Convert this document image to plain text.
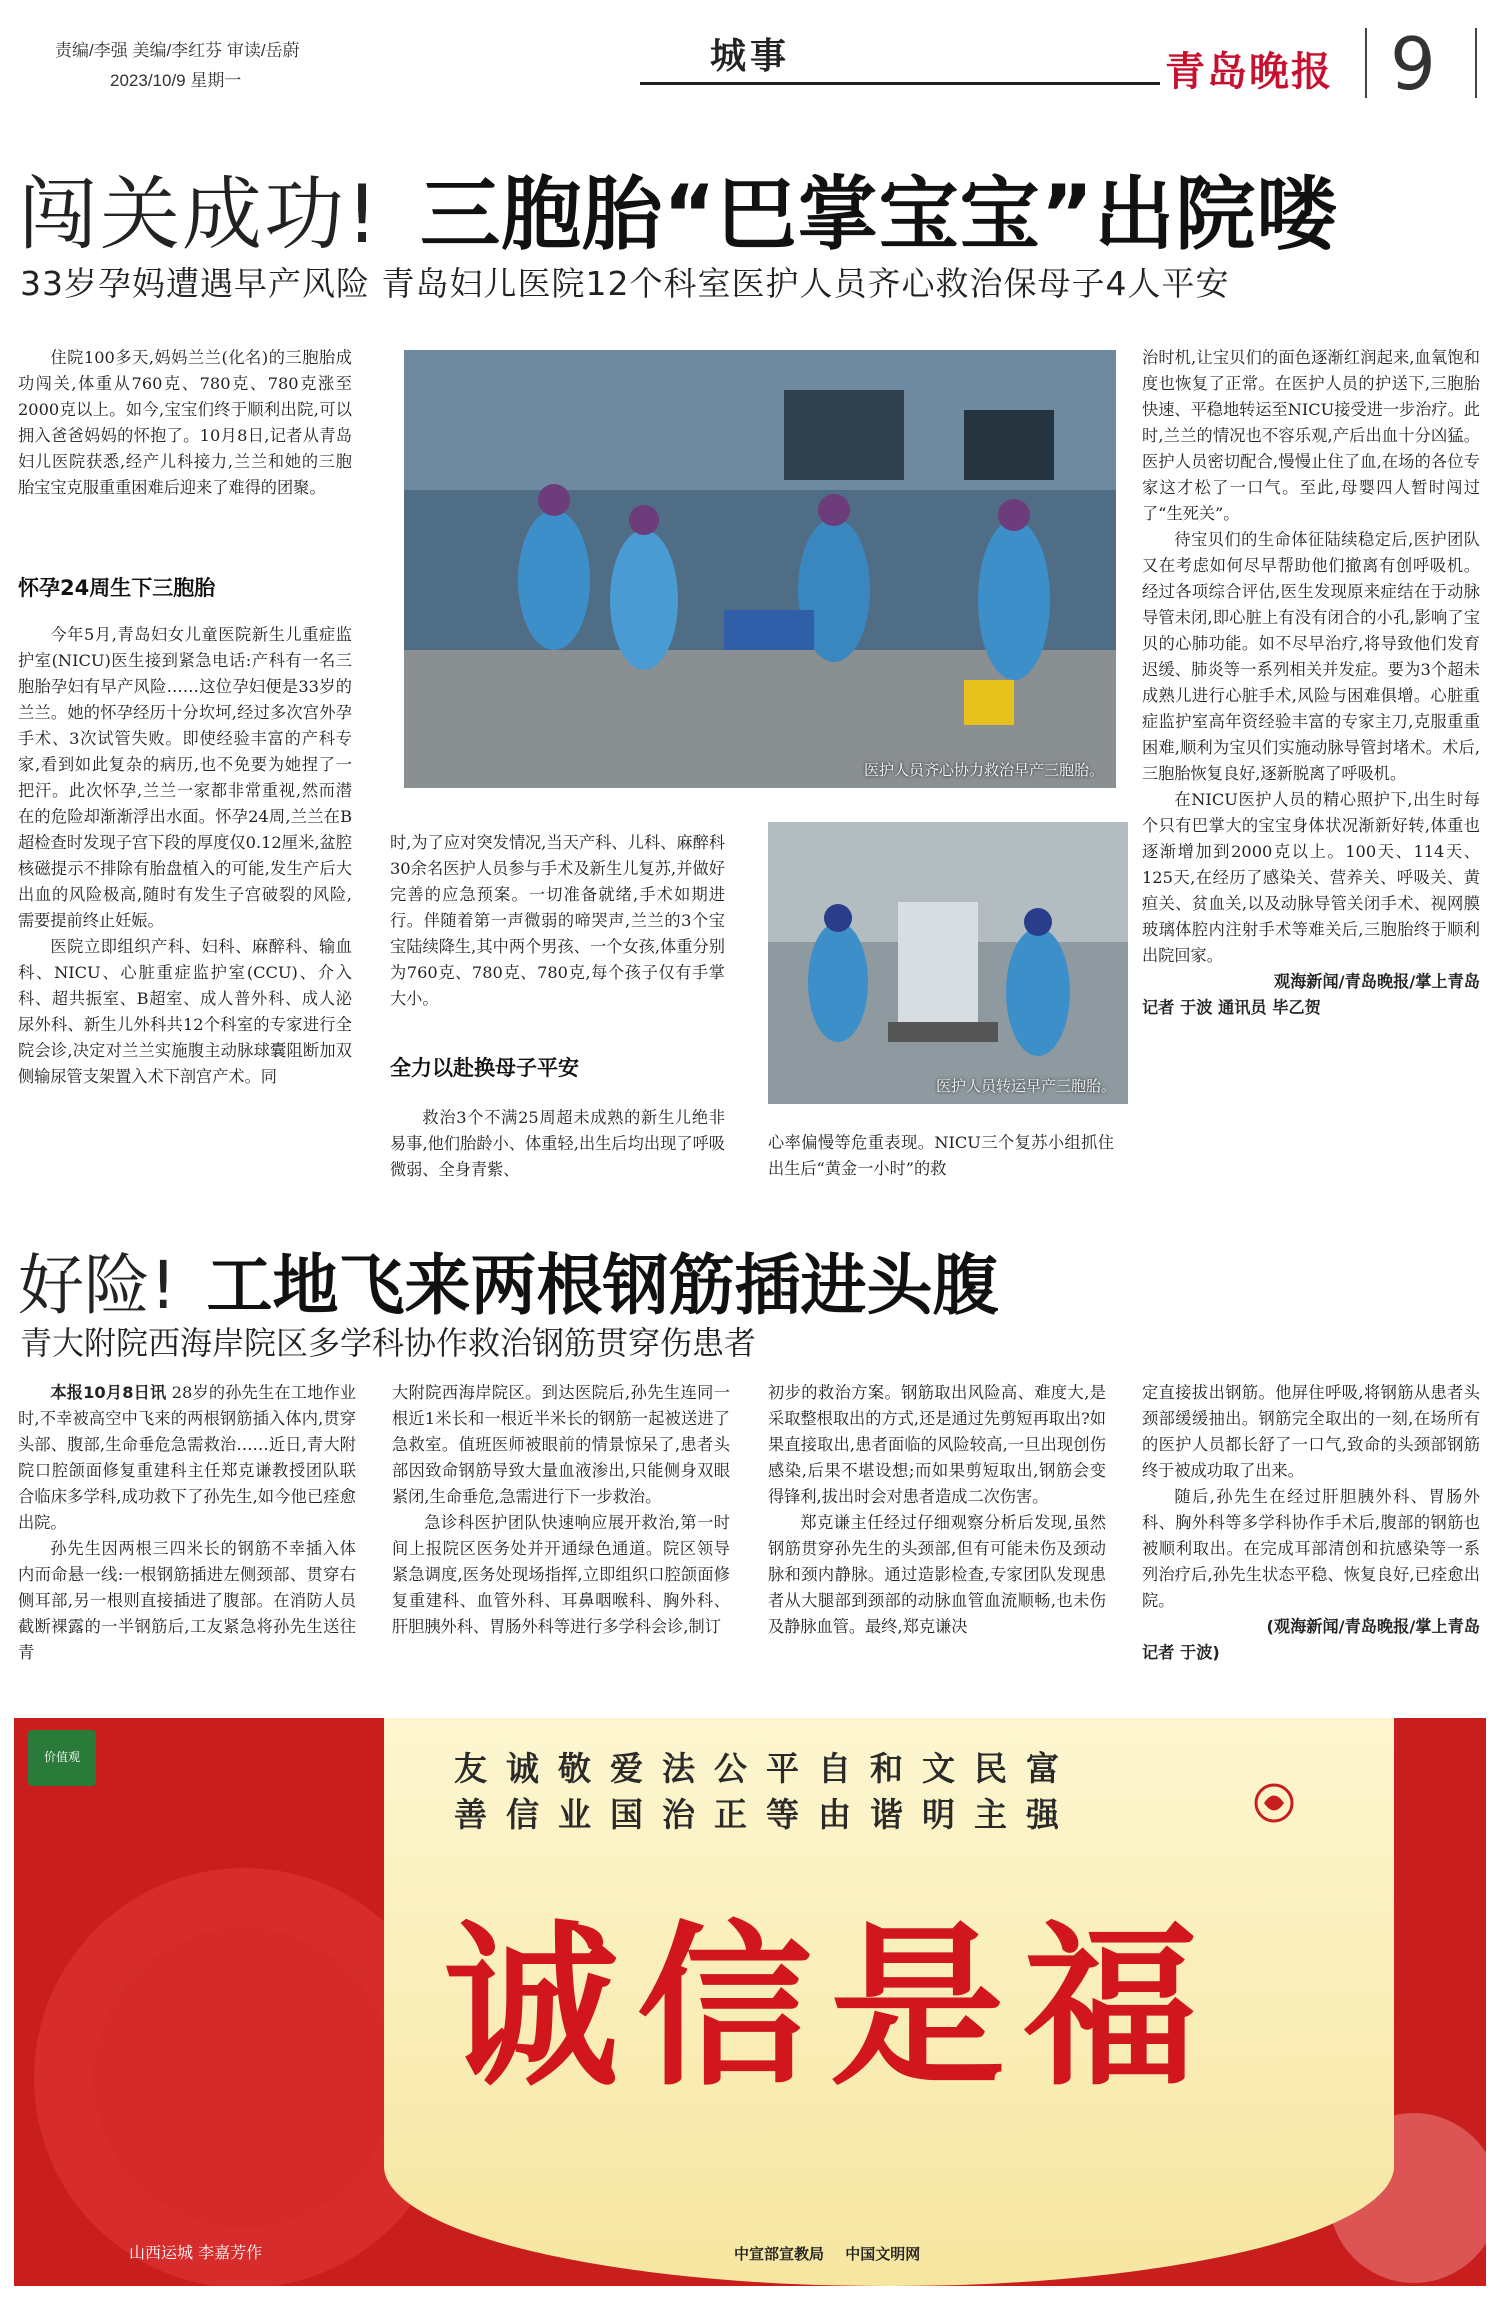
责编/李强 美编/李红芬 审读/岳蔚
2023/10/9 星期一
城事	青岛晚报 9
闯关成功! 三胞胎“巴掌宝宝”出院喽
33岁孕妈遭遇早产风险 青岛妇儿医院12个科室医护人员齐心救治保母子4人平安

住院100多天,妈妈兰兰(化名)的三胞胎成功闯关,体重从760克、780克、780克涨至2000克以上。如今,宝宝们终于顺利出院,可以拥入爸爸妈妈的怀抱了。10月8日,记者从青岛妇儿医院获悉,经产儿科接力,兰兰和她的三胞胎宝宝克服重重困难后迎来了难得的团聚。

怀孕24周生下三胞胎

今年5月,青岛妇女儿童医院新生儿重症监护室(NICU)医生接到紧急电话:产科有一名三胞胎孕妇有早产风险……这位孕妇便是33岁的兰兰。她的怀孕经历十分坎坷,经过多次宫外孕手术、3次试管失败。即使经验丰富的产科专家,看到如此复杂的病历,也不免要为她捏了一把汗。此次怀孕,兰兰一家都非常重视,然而潜在的危险却渐渐浮出水面。怀孕24周,兰兰在B超检查时发现子宫下段的厚度仅0.12厘米,盆腔核磁提示不排除有胎盘植入的可能,发生产后大出血的风险极高,随时有发生子宫破裂的风险,需要提前终止妊娠。

医院立即组织产科、妇科、麻醉科、输血科、NICU、心脏重症监护室(CCU)、介入科、超共振室、B超室、成人普外科、成人泌尿外科、新生儿外科共12个科室的专家进行全院会诊,决定对兰兰实施腹主动脉球囊阻断加双侧输尿管支架置入术下剖宫产术。同

医护人员齐心协力救治早产三胞胎。

时,为了应对突发情况,当天产科、儿科、麻醉科30余名医护人员参与手术及新生儿复苏,并做好完善的应急预案。一切准备就绪,手术如期进行。伴随着第一声微弱的啼哭声,兰兰的3个宝宝陆续降生,其中两个男孩、一个女孩,体重分别为760克、780克、780克,每个孩子仅有手掌大小。

全力以赴换母子平安

救治3个不满25周超未成熟的新生儿绝非易事,他们胎龄小、体重轻,出生后均出现了呼吸微弱、全身青紫、

医护人员转运早产三胞胎。

心率偏慢等危重表现。NICU三个复苏小组抓住出生后“黄金一小时”的救

治时机,让宝贝们的面色逐渐红润起来,血氧饱和度也恢复了正常。在医护人员的护送下,三胞胎快速、平稳地转运至NICU接受进一步治疗。此时,兰兰的情况也不容乐观,产后出血十分凶猛。医护人员密切配合,慢慢止住了血,在场的各位专家这才松了一口气。至此,母婴四人暂时闯过了“生死关”。

待宝贝们的生命体征陆续稳定后,医护团队又在考虑如何尽早帮助他们撤离有创呼吸机。经过各项综合评估,医生发现原来症结在于动脉导管未闭,即心脏上有没有闭合的小孔,影响了宝贝的心肺功能。如不尽早治疗,将导致他们发育迟缓、肺炎等一系列相关并发症。要为3个超未成熟儿进行心脏手术,风险与困难俱增。心脏重症监护室高年资经验丰富的专家主刀,克服重重困难,顺利为宝贝们实施动脉导管封堵术。术后,三胞胎恢复良好,逐新脱离了呼吸机。

在NICU医护人员的精心照护下,出生时每个只有巴掌大的宝宝身体状况渐新好转,体重也逐渐增加到2000克以上。100天、114天、125天,在经历了感染关、营养关、呼吸关、黄疸关、贫血关,以及动脉导管关闭手术、视网膜玻璃体腔内注射手术等难关后,三胞胎终于顺利出院回家。

观海新闻/青岛晚报/掌上青岛

记者 于波 通讯员 毕乙贺

好险! 工地飞来两根钢筋插进头腹
青大附院西海岸院区多学科协作救治钢筋贯穿伤患者

本报10月8日讯 28岁的孙先生在工地作业时,不幸被高空中飞来的两根钢筋插入体内,贯穿头部、腹部,生命垂危急需救治……近日,青大附院口腔颌面修复重建科主任郑克谦教授团队联合临床多学科,成功救下了孙先生,如今他已痊愈出院。

孙先生因两根三四米长的钢筋不幸插入体内而命悬一线:一根钢筋插进左侧颈部、贯穿右侧耳部,另一根则直接插进了腹部。在消防人员截断裸露的一半钢筋后,工友紧急将孙先生送往青

大附院西海岸院区。到达医院后,孙先生连同一根近1米长和一根近半米长的钢筋一起被送进了急救室。值班医师被眼前的情景惊呆了,患者头部因致命钢筋导致大量血液渗出,只能侧身双眼紧闭,生命垂危,急需进行下一步救治。

急诊科医护团队快速响应展开救治,第一时间上报院区医务处并开通绿色通道。院区领导紧急调度,医务处现场指挥,立即组织口腔颌面修复重建科、血管外科、耳鼻咽喉科、胸外科、肝胆胰外科、胃肠外科等进行多学科会诊,制订

初步的救治方案。钢筋取出风险高、难度大,是采取整根取出的方式,还是通过先剪短再取出?如果直接取出,患者面临的风险较高,一旦出现创伤感染,后果不堪设想;而如果剪短取出,钢筋会变得锋利,拔出时会对患者造成二次伤害。

郑克谦主任经过仔细观察分析后发现,虽然钢筋贯穿孙先生的头颈部,但有可能未伤及颈动脉和颈内静脉。通过造影检查,专家团队发现患者从大腿部到颈部的动脉血管血流顺畅,也未伤及静脉血管。最终,郑克谦决

定直接拔出钢筋。他屏住呼吸,将钢筋从患者头颈部缓缓抽出。钢筋完全取出的一刻,在场所有的医护人员都长舒了一口气,致命的头颈部钢筋终于被成功取了出来。

随后,孙先生在经过肝胆胰外科、胃肠外科、胸外科等多学科协作手术后,腹部的钢筋也被顺利取出。在完成耳部清创和抗感染等一系列治疗后,孙先生状态平稳、恢复良好,已痊愈出院。

(观海新闻/青岛晚报/掌上青岛

记者 于波)

价值观	友诚敬爱法公平自和文民富
善信业国治正等由谐明主强
诚信是福
山西运城 李嘉芳作	中宣部宣教局 中国文明网
